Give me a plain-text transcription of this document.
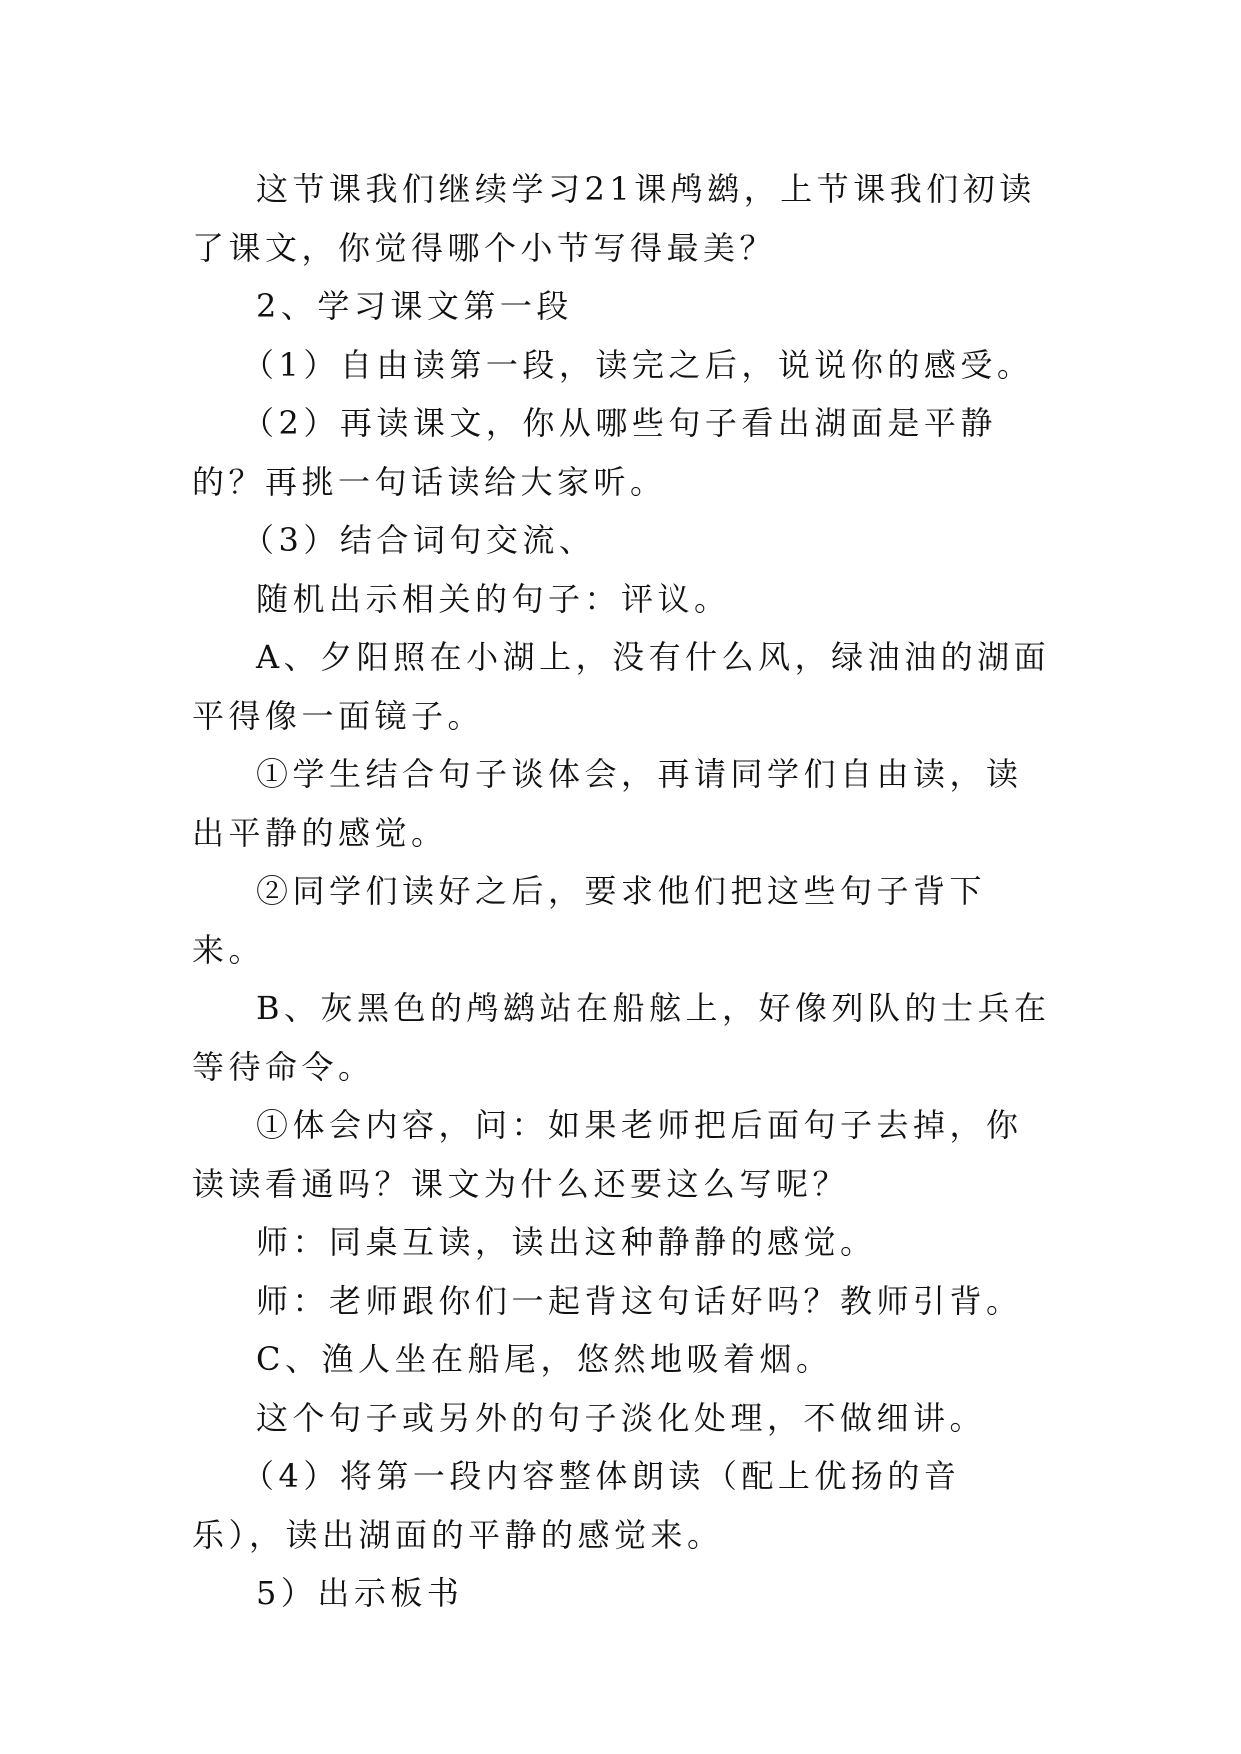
这节课我们继续学习21课鸬鹚，上节课我们初读了课文，你觉得哪个小节写得最美？

2、学习课文第一段

（1）自由读第一段，读完之后，说说你的感受。

（2）再读课文，你从哪些句子看出湖面是平静的？再挑一句话读给大家听。

（3）结合词句交流、

随机出示相关的句子：评议。

A、夕阳照在小湖上，没有什么风，绿油油的湖面平得像一面镜子。

①学生结合句子谈体会，再请同学们自由读，读出平静的感觉。

②同学们读好之后，要求他们把这些句子背下来。

B、灰黑色的鸬鹚站在船舷上，好像列队的士兵在等待命令。

①体会内容，问：如果老师把后面句子去掉，你读读看通吗？课文为什么还要这么写呢？

师：同桌互读，读出这种静静的感觉。

师：老师跟你们一起背这句话好吗？教师引背。

C、渔人坐在船尾，悠然地吸着烟。

这个句子或另外的句子淡化处理，不做细讲。

（4）将第一段内容整体朗读（配上优扬的音乐），读出湖面的平静的感觉来。

5）出示板书
